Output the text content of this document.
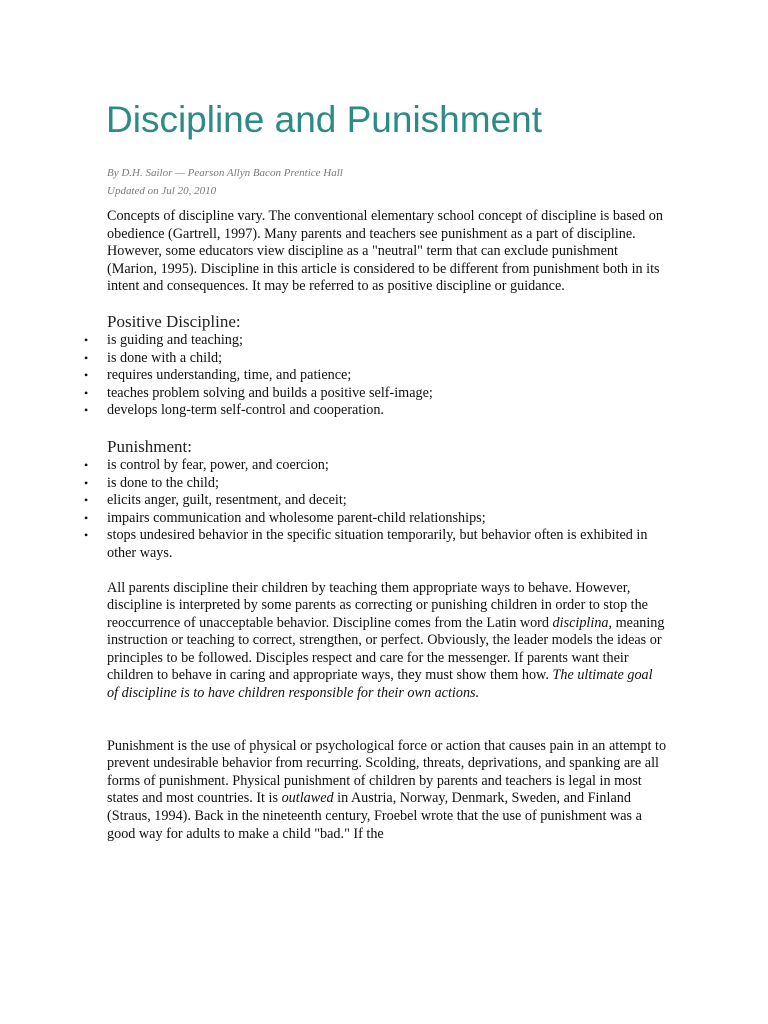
Discipline and Punishment
By D.H. Sailor — Pearson Allyn Bacon Prentice Hall
Updated on Jul 20, 2010

Concepts of discipline vary. The conventional elementary school concept of discipline is based on obedience (Gartrell, 1997). Many parents and teachers see punishment as a part of discipline. However, some educators view discipline as a "neutral" term that can exclude punishment (Marion, 1995). Discipline in this article is considered to be different from punishment both in its intent and consequences. It may be referred to as positive discipline or guidance.

Positive Discipline:
• is guiding and teaching;
• is done with a child;
• requires understanding, time, and patience;
• teaches problem solving and builds a positive self-image;
• develops long-term self-control and cooperation.
Punishment:
• is control by fear, power, and coercion;
• is done to the child;
• elicits anger, guilt, resentment, and deceit;
• impairs communication and wholesome parent-child relationships;
• stops undesired behavior in the specific situation temporarily, but behavior often is exhibited in other ways.

All parents discipline their children by teaching them appropriate ways to behave. However, discipline is interpreted by some parents as correcting or punishing children in order to stop the reoccurrence of unacceptable behavior. Discipline comes from the Latin word disciplina, meaning instruction or teaching to correct, strengthen, or perfect. Obviously, the leader models the ideas or principles to be followed. Disciples respect and care for the messenger. If parents want their children to behave in caring and appropriate ways, they must show them how. The ultimate goal of discipline is to have children responsible for their own actions.

Punishment is the use of physical or psychological force or action that causes pain in an attempt to prevent undesirable behavior from recurring. Scolding, threats, deprivations, and spanking are all forms of punishment. Physical punishment of children by parents and teachers is legal in most states and most countries. It is outlawed in Austria, Norway, Denmark, Sweden, and Finland (Straus, 1994). Back in the nineteenth century, Froebel wrote that the use of punishment was a good way for adults to make a child "bad." If the
